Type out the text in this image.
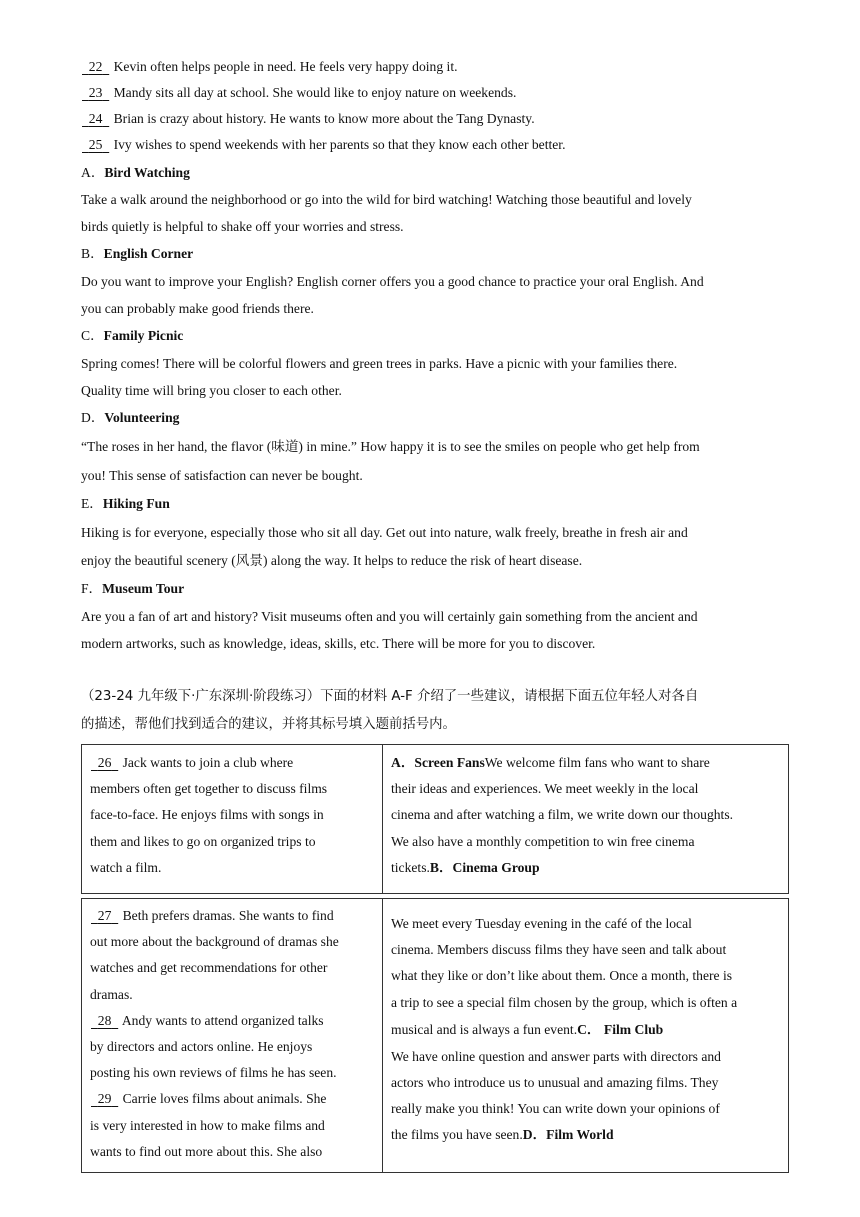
22 Kevin often helps people in need. He feels very happy doing it.
23 Mandy sits all day at school. She would like to enjoy nature on weekends.
24 Brian is crazy about history. He wants to know more about the Tang Dynasty.
25 Ivy wishes to spend weekends with her parents so that they know each other better.
A．Bird Watching
Take a walk around the neighborhood or go into the wild for bird watching! Watching those beautiful and lovely
birds quietly is helpful to shake off your worries and stress.
B．English Corner
Do you want to improve your English? English corner offers you a good chance to practice your oral English. And
you can probably make good friends there.
C．Family Picnic
Spring comes! There will be colorful flowers and green trees in parks. Have a picnic with your families there.
Quality time will bring you closer to each other.
D．Volunteering
“The roses in her hand, the flavor (味道) in mine.” How happy it is to see the smiles on people who get help from
you! This sense of satisfaction can never be bought.
E．Hiking Fun
Hiking is for everyone, especially those who sit all day. Get out into nature, walk freely, breathe in fresh air and
enjoy the beautiful scenery (风景) along the way. It helps to reduce the risk of heart disease.
F．Museum Tour
Are you a fan of art and history? Visit museums often and you will certainly gain something from the ancient and
modern artworks, such as knowledge, ideas, skills, etc. There will be more for you to discover.
（23-24 九年级下·广东深圳·阶段练习）下面的材料 A-F 介绍了一些建议，请根据下面五位年轻人对各自
的描述，帮他们找到适合的建议，并将其标号填入题前括号内。
26 Jack wants to join a club where
members often get together to discuss films
face-to-face. He enjoys films with songs in
them and likes to go on organized trips to
watch a film.

A．Screen FansWe welcome film fans who want to share
their ideas and experiences. We meet weekly in the local
cinema and after watching a film, we write down our thoughts.
We also have a monthly competition to win free cinema
tickets.B．Cinema Group
27 Beth prefers dramas. She wants to find
out more about the background of dramas she
watches and get recommendations for other
dramas.
28 Andy wants to attend organized talks
by directors and actors online. He enjoys
posting his own reviews of films he has seen.
29 Carrie loves films about animals. She
is very interested in how to make films and
wants to find out more about this. She also

We meet every Tuesday evening in the café of the local
cinema. Members discuss films they have seen and talk about
what they like or don’t like about them. Once a month, there is
a trip to see a special film chosen by the group, which is often a
musical and is always a fun event.C． Film Club
We have online question and answer parts with directors and
actors who introduce us to unusual and amazing films. They
really make you think! You can write down your opinions of
the films you have seen.D．Film World
